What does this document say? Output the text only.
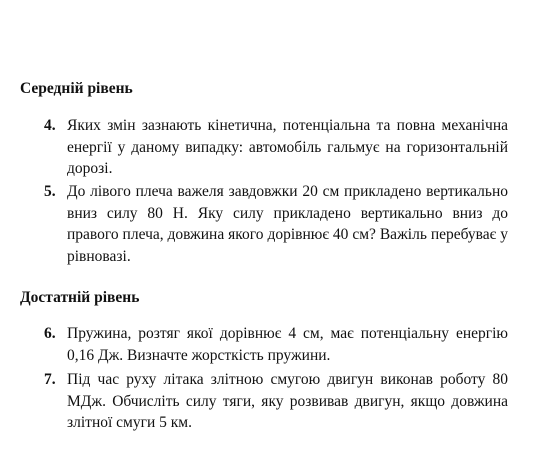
Середній рівень
4. Яких змін зазнають кінетична, потенціальна та повна механічна енергії у даному випадку: автомобіль гальмує на горизонтальній дорозі.
5. До лівого плеча важеля завдовжки 20 см прикладено вертикально вниз силу 80 Н. Яку силу прикладено вертикально вниз до правого плеча, довжина якого дорівнює 40 см? Важіль перебуває у рівновазі.
Достатній рівень
6. Пружина, розтяг якої дорівнює 4 см, має потенціальну енергію 0,16 Дж. Визначте жорсткість пружини.
7. Під час руху літака злітною смугою двигун виконав роботу 80 МДж. Обчисліть силу тяги, яку розвивав двигун, якщо довжина злітної смуги 5 км.
